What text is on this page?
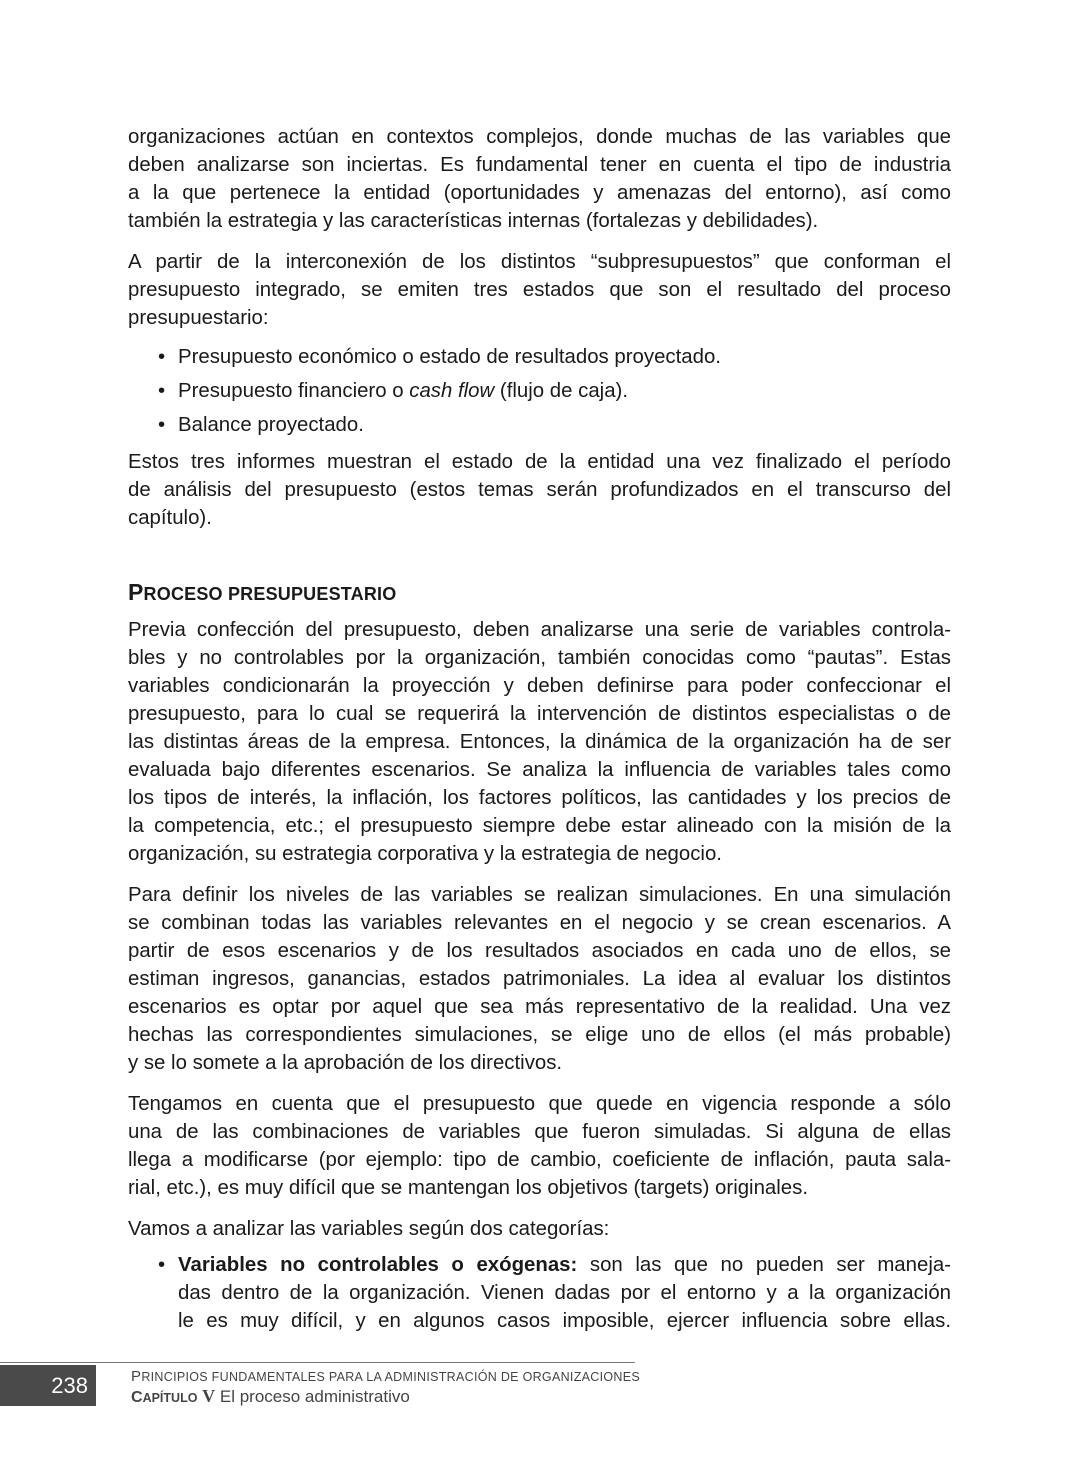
organizaciones actúan en contextos complejos, donde muchas de las variables que
deben analizarse son inciertas. Es fundamental tener en cuenta el tipo de industria
a la que pertenece la entidad (oportunidades y amenazas del entorno), así como
también la estrategia y las características internas (fortalezas y debilidades).
A partir de la interconexión de los distintos “subpresupuestos” que conforman el
presupuesto integrado, se emiten tres estados que son el resultado del proceso
presupuestario:
• Presupuesto económico o estado de resultados proyectado.
• Presupuesto financiero o cash flow (flujo de caja).
• Balance proyectado.
Estos tres informes muestran el estado de la entidad una vez finalizado el período
de análisis del presupuesto (estos temas serán profundizados en el transcurso del
capítulo).
PROCESO PRESUPUESTARIO
Previa confección del presupuesto, deben analizarse una serie de variables controla-
bles y no controlables por la organización, también conocidas como “pautas”. Estas
variables condicionarán la proyección y deben definirse para poder confeccionar el
presupuesto, para lo cual se requerirá la intervención de distintos especialistas o de
las distintas áreas de la empresa. Entonces, la dinámica de la organización ha de ser
evaluada bajo diferentes escenarios. Se analiza la influencia de variables tales como
los tipos de interés, la inflación, los factores políticos, las cantidades y los precios de
la competencia, etc.; el presupuesto siempre debe estar alineado con la misión de la
organización, su estrategia corporativa y la estrategia de negocio.
Para definir los niveles de las variables se realizan simulaciones. En una simulación
se combinan todas las variables relevantes en el negocio y se crean escenarios. A
partir de esos escenarios y de los resultados asociados en cada uno de ellos, se
estiman ingresos, ganancias, estados patrimoniales. La idea al evaluar los distintos
escenarios es optar por aquel que sea más representativo de la realidad. Una vez
hechas las correspondientes simulaciones, se elige uno de ellos (el más probable)
y se lo somete a la aprobación de los directivos.
Tengamos en cuenta que el presupuesto que quede en vigencia responde a sólo
una de las combinaciones de variables que fueron simuladas. Si alguna de ellas
llega a modificarse (por ejemplo: tipo de cambio, coeficiente de inflación, pauta sala-
rial, etc.), es muy difícil que se mantengan los objetivos (targets) originales.
Vamos a analizar las variables según dos categorías:
• Variables no controlables o exógenas: son las que no pueden ser maneja-
das dentro de la organización. Vienen dadas por el entorno y a la organización
le es muy difícil, y en algunos casos imposible, ejercer influencia sobre ellas.
238	PRINCIPIOS FUNDAMENTALES PARA LA ADMINISTRACIÓN DE ORGANIZACIONES
CAPÍTULO V El proceso administrativo
